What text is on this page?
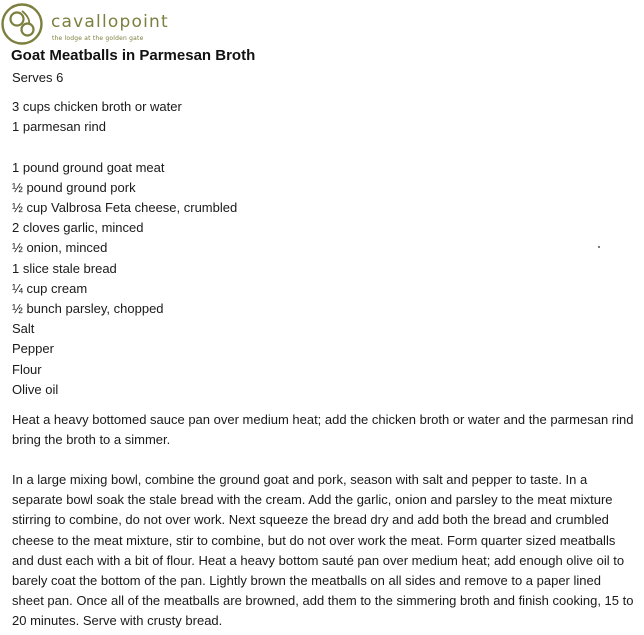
cavallopoint
the lodge at the golden gate
Goat Meatballs in Parmesan Broth
Serves 6
3 cups chicken broth or water
1 parmesan rind
1 pound ground goat meat
½ pound ground pork
½ cup Valbrosa Feta cheese, crumbled
2 cloves garlic, minced
½ onion, minced
1 slice stale bread
¼ cup cream
½ bunch parsley, chopped
Salt
Pepper
Flour
Olive oil

Heat a heavy bottomed sauce pan over medium heat; add the chicken broth or water and the parmesan rind bring the broth to a simmer.

In a large mixing bowl, combine the ground goat and pork, season with salt and pepper to taste. In a separate bowl soak the stale bread with the cream. Add the garlic, onion and parsley to the meat mixture stirring to combine, do not over work. Next squeeze the bread dry and add both the bread and crumbled cheese to the meat mixture, stir to combine, but do not over work the meat. Form quarter sized meatballs and dust each with a bit of flour. Heat a heavy bottom sauté pan over medium heat; add enough olive oil to barely coat the bottom of the pan. Lightly brown the meatballs on all sides and remove to a paper lined sheet pan. Once all of the meatballs are browned, add them to the simmering broth and finish cooking, 15 to 20 minutes. Serve with crusty bread.
